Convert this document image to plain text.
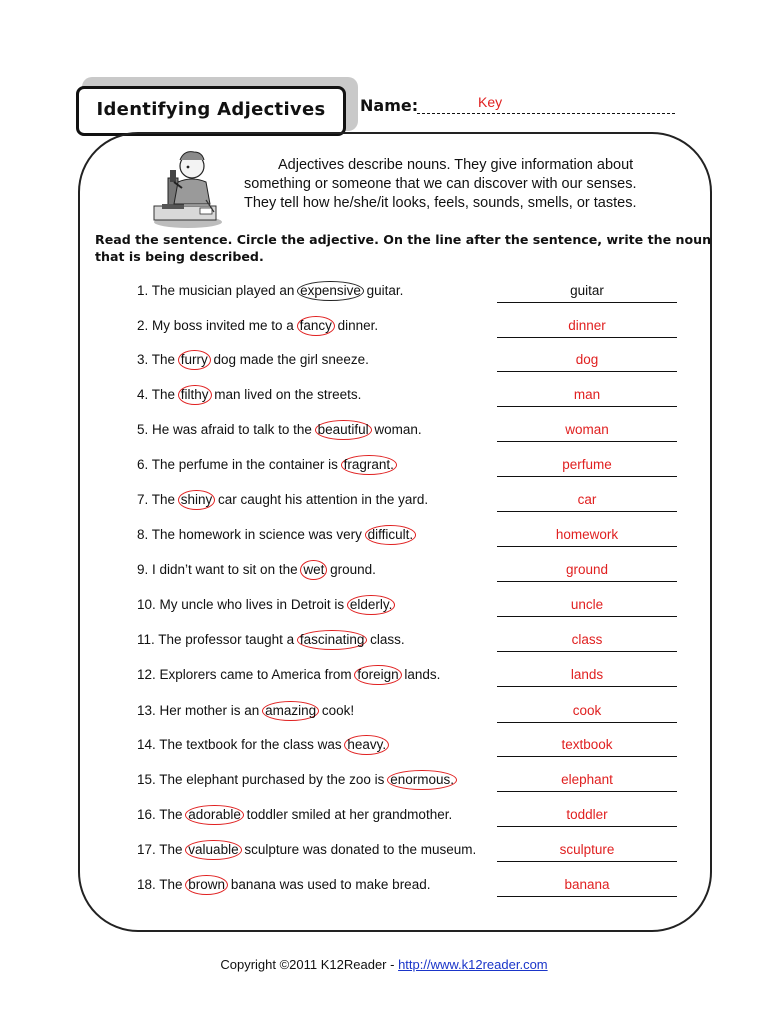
Identifying Adjectives Name:	Key
Adjectives describe nouns. They give information about
something or someone that we can discover with our senses.
They tell how he/she/it looks, feels, sounds, smells, or tastes.
Read the sentence. Circle the adjective. On the line after the sentence, write the noun
that is being described.
1. The musician played an expensive guitar.	guitar
2. My boss invited me to a fancy dinner.	dinner
3. The furry dog made the girl sneeze.	dog
4. The filthy man lived on the streets.	man
5. He was afraid to talk to the beautiful woman.	woman
6. The perfume in the container is fragrant.	perfume
7. The shiny car caught his attention in the yard.	car
8. The homework in science was very difficult.	homework
9. I didn’t want to sit on the wet ground.	ground
10. My uncle who lives in Detroit is elderly.	uncle
11. The professor taught a fascinating class.	class
12. Explorers came to America from foreign lands.	lands
13. Her mother is an amazing cook!	cook
14. The textbook for the class was heavy.	textbook
15. The elephant purchased by the zoo is enormous.	elephant
16. The adorable toddler smiled at her grandmother.	toddler
17. The valuable sculpture was donated to the museum.	sculpture
18. The brown banana was used to make bread.	banana
Copyright ©2011 K12Reader - http://www.k12reader.com
